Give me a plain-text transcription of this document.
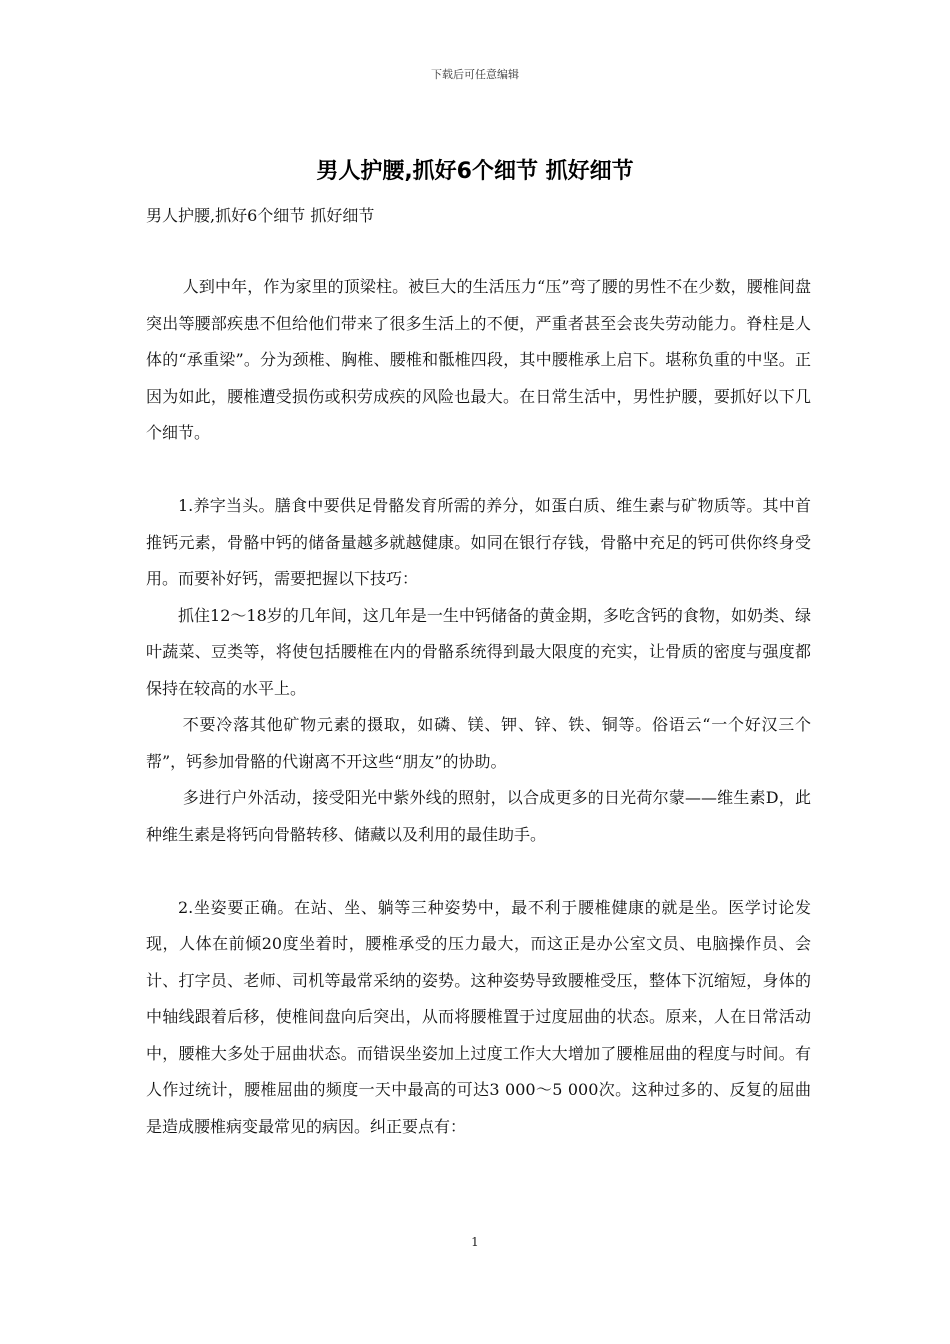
下载后可任意编辑
男人护腰,抓好6个细节 抓好细节
男人护腰,抓好6个细节 抓好细节

人到中年，作为家里的顶梁柱。被巨大的生活压力“压”弯了腰的男性不在少数，腰椎间盘突出等腰部疾患不但给他们带来了很多生活上的不便，严重者甚至会丧失劳动能力。脊柱是人体的“承重梁”。分为颈椎、胸椎、腰椎和骶椎四段，其中腰椎承上启下。堪称负重的中坚。正因为如此，腰椎遭受损伤或积劳成疾的风险也最大。在日常生活中，男性护腰，要抓好以下几个细节。

1.养字当头。膳食中要供足骨骼发育所需的养分，如蛋白质、维生素与矿物质等。其中首推钙元素，骨骼中钙的储备量越多就越健康。如同在银行存钱，骨骼中充足的钙可供你终身受用。而要补好钙，需要把握以下技巧：

抓住12～18岁的几年间，这几年是一生中钙储备的黄金期，多吃含钙的食物，如奶类、绿叶蔬菜、豆类等，将使包括腰椎在内的骨骼系统得到最大限度的充实，让骨质的密度与强度都保持在较高的水平上。

不要冷落其他矿物元素的摄取，如磷、镁、钾、锌、铁、铜等。俗语云“一个好汉三个帮”，钙参加骨骼的代谢离不开这些“朋友”的协助。

多进行户外活动，接受阳光中紫外线的照射，以合成更多的日光荷尔蒙——维生素D，此种维生素是将钙向骨骼转移、储藏以及利用的最佳助手。

2.坐姿要正确。在站、坐、躺等三种姿势中，最不利于腰椎健康的就是坐。医学讨论发现，人体在前倾20度坐着时，腰椎承受的压力最大，而这正是办公室文员、电脑操作员、会计、打字员、老师、司机等最常采纳的姿势。这种姿势导致腰椎受压，整体下沉缩短，身体的中轴线跟着后移，使椎间盘向后突出，从而将腰椎置于过度屈曲的状态。原来，人在日常活动中，腰椎大多处于屈曲状态。而错误坐姿加上过度工作大大增加了腰椎屈曲的程度与时间。有人作过统计，腰椎屈曲的频度一天中最高的可达3 000～5 000次。这种过多的、反复的屈曲是造成腰椎病变最常见的病因。纠正要点有：

1
